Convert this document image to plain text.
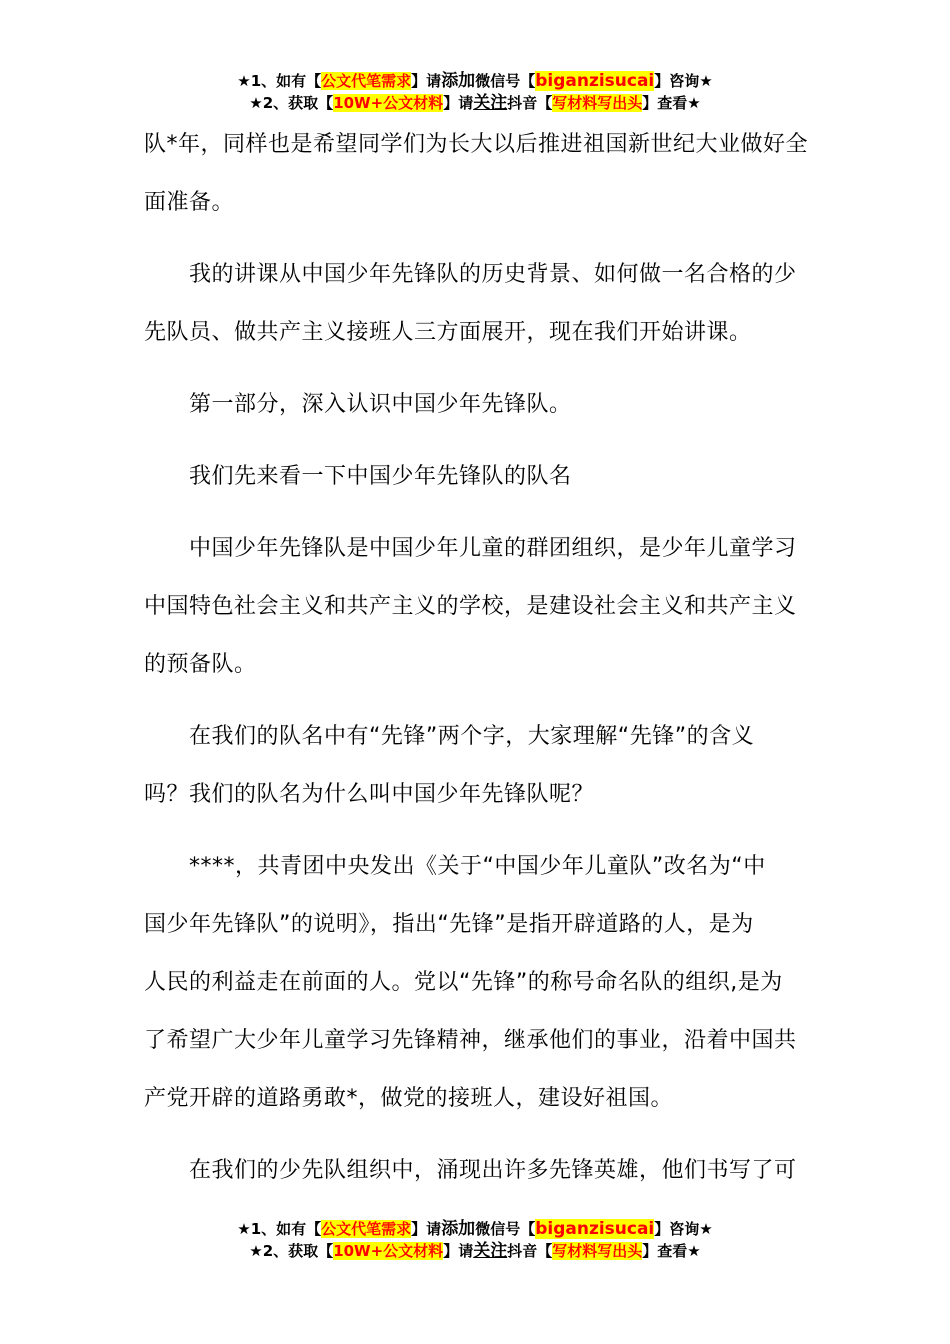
★1、如有【公文代笔需求】请添加微信号【biganzisucai】咨询★
★2、获取【10W+公文材料】请关注抖音【写材料写出头】查看★

队*年，同样也是希望同学们为长大以后推进祖国新世纪大业做好全
面准备。

我的讲课从中国少年先锋队的历史背景、如何做一名合格的少
先队员、做共产主义接班人三方面展开，现在我们开始讲课。

第一部分，深入认识中国少年先锋队。

我们先来看一下中国少年先锋队的队名

中国少年先锋队是中国少年儿童的群团组织，是少年儿童学习
中国特色社会主义和共产主义的学校，是建设社会主义和共产主义
的预备队。

在我们的队名中有“先锋”两个字，大家理解“先锋”的含义
吗？我们的队名为什么叫中国少年先锋队呢？

****，共青团中央发出《关于“中国少年儿童队”改名为“中
国少年先锋队”的说明》，指出“先锋”是指开辟道路的人，是为
人民的利益走在前面的人。党以“先锋”的称号命名队的组织,是为
了希望广大少年儿童学习先锋精神，继承他们的事业，沿着中国共
产党开辟的道路勇敢*，做党的接班人，建设好祖国。

在我们的少先队组织中，涌现出许多先锋英雄，他们书写了可

★1、如有【公文代笔需求】请添加微信号【biganzisucai】咨询★
★2、获取【10W+公文材料】请关注抖音【写材料写出头】查看★
